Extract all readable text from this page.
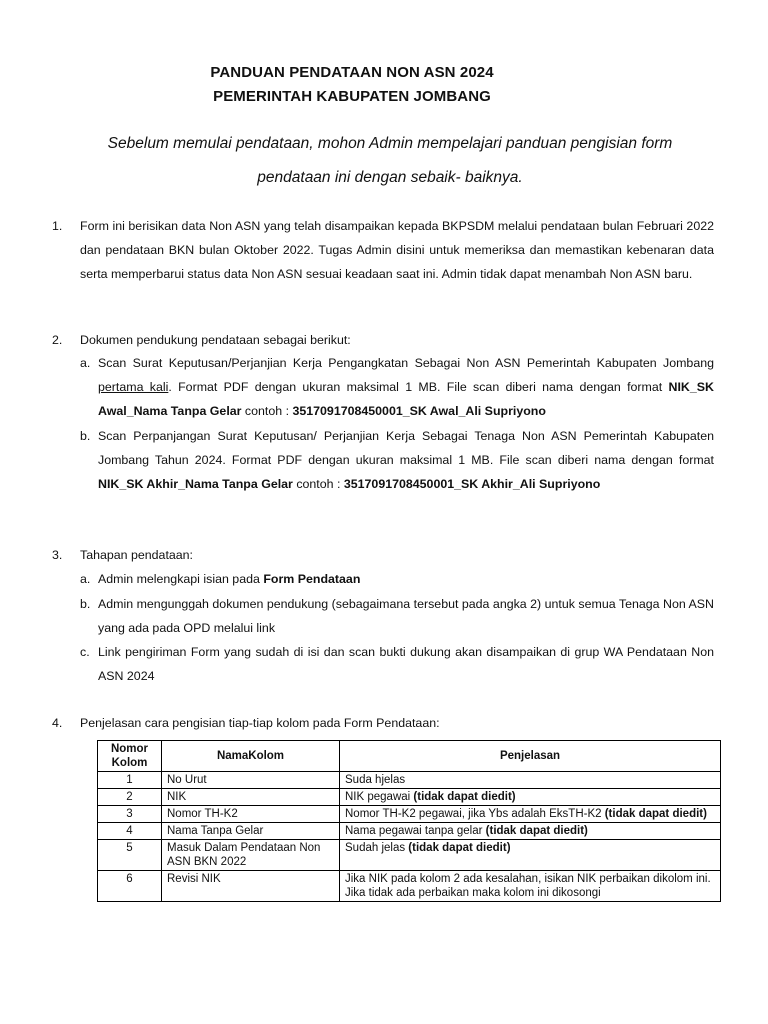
PANDUAN PENDATAAN NON ASN 2024
PEMERINTAH KABUPATEN JOMBANG
Sebelum memulai pendataan, mohon Admin mempelajari panduan pengisian form
pendataan ini dengan sebaik- baiknya.
1. Form ini berisikan data Non ASN yang telah disampaikan kepada BKPSDM melalui pendataan bulan Februari 2022 dan pendataan BKN bulan Oktober 2022. Tugas Admin disini untuk memeriksa dan memastikan kebenaran data serta memperbarui status data Non ASN sesuai keadaan saat ini. Admin tidak dapat menambah Non ASN baru.
2. Dokumen pendukung pendataan sebagai berikut:
a. Scan Surat Keputusan/Perjanjian Kerja Pengangkatan Sebagai Non ASN Pemerintah Kabupaten Jombang pertama kali. Format PDF dengan ukuran maksimal 1 MB. File scan diberi nama dengan format NIK_SK Awal_Nama Tanpa Gelar contoh : 3517091708450001_SK Awal_Ali Supriyono
b. Scan Perpanjangan Surat Keputusan/ Perjanjian Kerja Sebagai Tenaga Non ASN Pemerintah Kabupaten Jombang Tahun 2024. Format PDF dengan ukuran maksimal 1 MB. File scan diberi nama dengan format NIK_SK Akhir_Nama Tanpa Gelar contoh : 3517091708450001_SK Akhir_Ali Supriyono
3. Tahapan pendataan:
a. Admin melengkapi isian pada Form Pendataan
b. Admin mengunggah dokumen pendukung (sebagaimana tersebut pada angka 2) untuk semua Tenaga Non ASN yang ada pada OPD melalui link
c. Link pengiriman Form yang sudah di isi dan scan bukti dukung akan disampaikan di grup WA Pendataan Non ASN 2024
4. Penjelasan cara pengisian tiap-tiap kolom pada Form Pendataan:
Nomor Kolom	NamaKolom	Penjelasan
1	No Urut	Suda hjelas
2	NIK	NIK pegawai (tidak dapat diedit)
3	Nomor TH-K2	Nomor TH-K2 pegawai, jika Ybs adalah EksTH-K2 (tidak dapat diedit)
4	Nama Tanpa Gelar	Nama pegawai tanpa gelar (tidak dapat diedit)
5	Masuk Dalam Pendataan Non ASN BKN 2022	Sudah jelas (tidak dapat diedit)
6	Revisi NIK	Jika NIK pada kolom 2 ada kesalahan, isikan NIK perbaikan dikolom ini. Jika tidak ada perbaikan maka kolom ini dikosongi
